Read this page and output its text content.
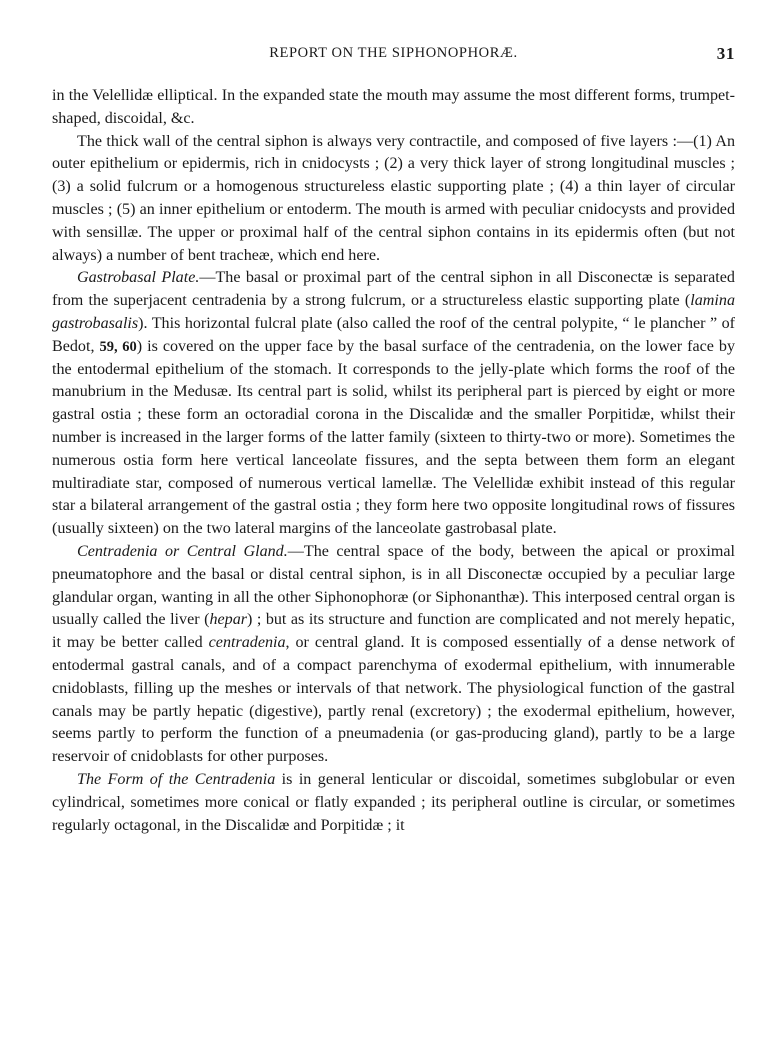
REPORT ON THE SIPHONOPHORÆ.	31

in the Velellidæ elliptical. In the expanded state the mouth may assume the most different forms, trumpet-shaped, discoidal, &c.

The thick wall of the central siphon is always very contractile, and composed of five layers :—(1) An outer epithelium or epidermis, rich in cnidocysts ; (2) a very thick layer of strong longitudinal muscles ; (3) a solid fulcrum or a homogenous structureless elastic supporting plate ; (4) a thin layer of circular muscles ; (5) an inner epithelium or entoderm. The mouth is armed with peculiar cnidocysts and provided with sensillæ. The upper or proximal half of the central siphon contains in its epidermis often (but not always) a number of bent tracheæ, which end here.

Gastrobasal Plate.—The basal or proximal part of the central siphon in all Disconectæ is separated from the superjacent centradenia by a strong fulcrum, or a structureless elastic supporting plate (lamina gastrobasalis). This horizontal fulcral plate (also called the roof of the central polypite, “ le plancher ” of Bedot, 59, 60) is covered on the upper face by the basal surface of the centradenia, on the lower face by the entodermal epithelium of the stomach. It corresponds to the jelly-plate which forms the roof of the manubrium in the Medusæ. Its central part is solid, whilst its peripheral part is pierced by eight or more gastral ostia ; these form an octoradial corona in the Discalidæ and the smaller Porpitidæ, whilst their number is increased in the larger forms of the latter family (sixteen to thirty-two or more). Sometimes the numerous ostia form here vertical lanceolate fissures, and the septa between them form an elegant multiradiate star, composed of numerous vertical lamellæ. The Velellidæ exhibit instead of this regular star a bilateral arrangement of the gastral ostia ; they form here two opposite longitudinal rows of fissures (usually sixteen) on the two lateral margins of the lanceolate gastrobasal plate.

Centradenia or Central Gland.—The central space of the body, between the apical or proximal pneumatophore and the basal or distal central siphon, is in all Disconectæ occupied by a peculiar large glandular organ, wanting in all the other Siphonophoræ (or Siphonanthæ). This interposed central organ is usually called the liver (hepar) ; but as its structure and function are complicated and not merely hepatic, it may be better called centradenia, or central gland. It is composed essentially of a dense network of entodermal gastral canals, and of a compact parenchyma of exodermal epithelium, with innumerable cnidoblasts, filling up the meshes or intervals of that network. The physiological function of the gastral canals may be partly hepatic (digestive), partly renal (excretory) ; the exodermal epithelium, however, seems partly to perform the function of a pneumadenia (or gas-producing gland), partly to be a large reservoir of cnidoblasts for other purposes.

The Form of the Centradenia is in general lenticular or discoidal, sometimes subglobular or even cylindrical, sometimes more conical or flatly expanded ; its peripheral outline is circular, or sometimes regularly octagonal, in the Discalidæ and Porpitidæ ; it
